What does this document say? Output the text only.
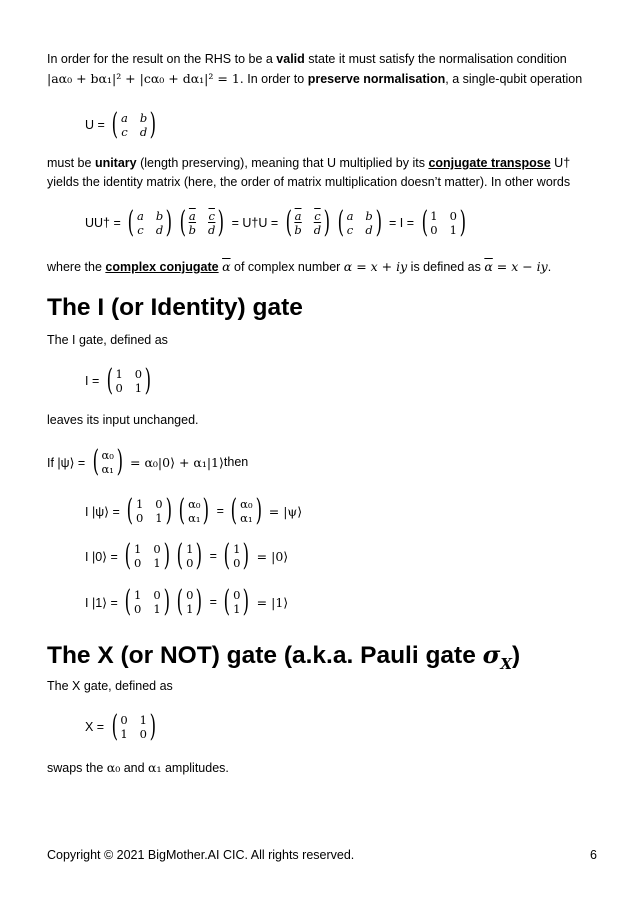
In order for the result on the RHS to be a valid state it must satisfy the normalisation condition
|aα₀ + bα₁|² + |cα₀ + dα₁|² = 1. In order to preserve normalisation, a single-qubit operation
U =
( a b
c d )
must be unitary (length preserving), meaning that U multiplied by its conjugate transpose U†
yields the identity matrix (here, the order of matrix multiplication doesn’t matter). In other words
UU† =
( a b
c d ) ( $\overline{a}$ $\overline{c}$
$\overline{b}$ $\overline{d}$ )
= U†U =
( $\overline{a}$ $\overline{c}$
$\overline{b}$ $\overline{d}$ ) ( a b
c d )
= I =
( 1 0
0 1 )
where the complex conjugate $\overline{\alpha}$ of complex number α = x + iy is defined as $\overline{\alpha} = x$ − iy.
The I (or Identity) gate
The I gate, defined as
I =
( 1 0
0 1 )
leaves its input unchanged.
If |ψ⟩ =
( α₀
α₁ )
= α₀|0⟩ + α₁|1⟩ then
I |ψ⟩ =
( 1 0
0 1 ) ( α₀
α₁ )
=
( α₀
α₁ )
= |ψ⟩
I |0⟩ =
( 1 0
0 1 ) ( 1
0 )
=
( 1
0 )
= |0⟩
I |1⟩ =
( 1 0
0 1 ) ( 0
1 )
=
( 0
1 )
= |1⟩
The X (or NOT) gate (a.k.a. Pauli gate $\sigma_X$)
The X gate, defined as
X =
( 0 1
1 0 )
swaps the α₀ and α₁ amplitudes.
Copyright © 2021 BigMother.AI CIC. All rights reserved.	6
